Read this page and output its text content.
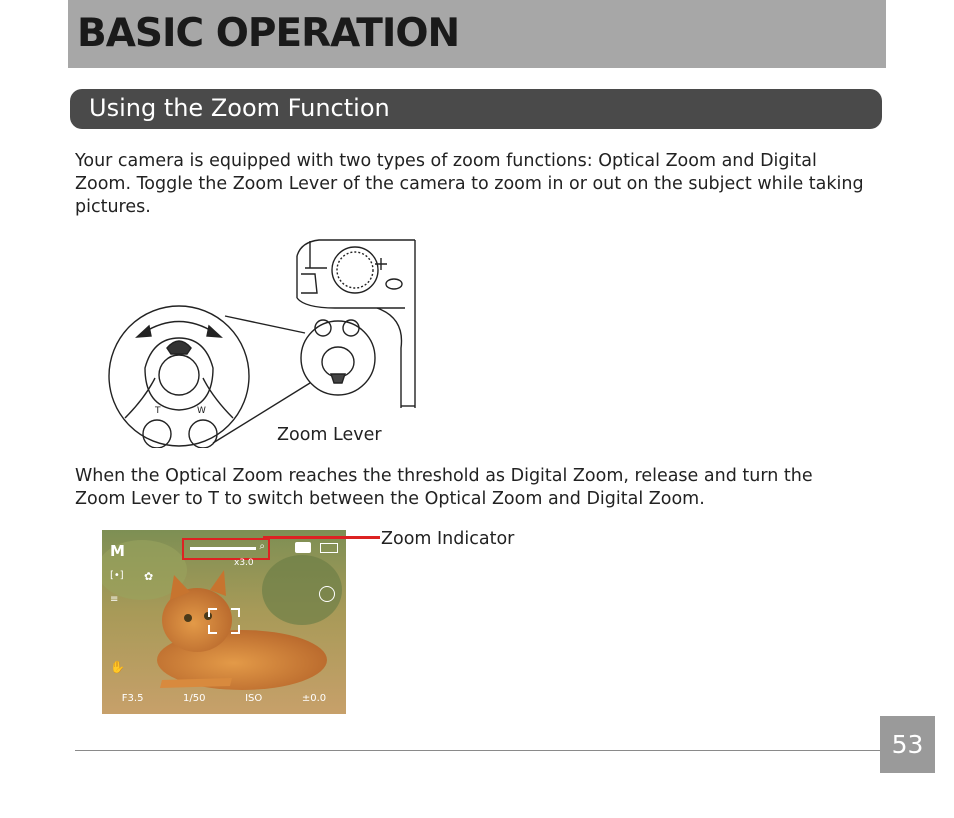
BASIC OPERATION
Using the Zoom Function

Your camera is equipped with two types of zoom functions: Optical Zoom and Digital Zoom. Toggle the Zoom Lever of the camera to zoom in or out on the subject while taking pictures.

T	W
Zoom Lever

When the Optical Zoom reaches the threshold as Digital Zoom, release and turn the Zoom Lever to T to switch between the Optical Zoom and Digital Zoom.

M	⌕
x3.0
[•]
≡
✿
✋
F3.5	1/50	ISO	±0.0
Zoom Indicator
53
